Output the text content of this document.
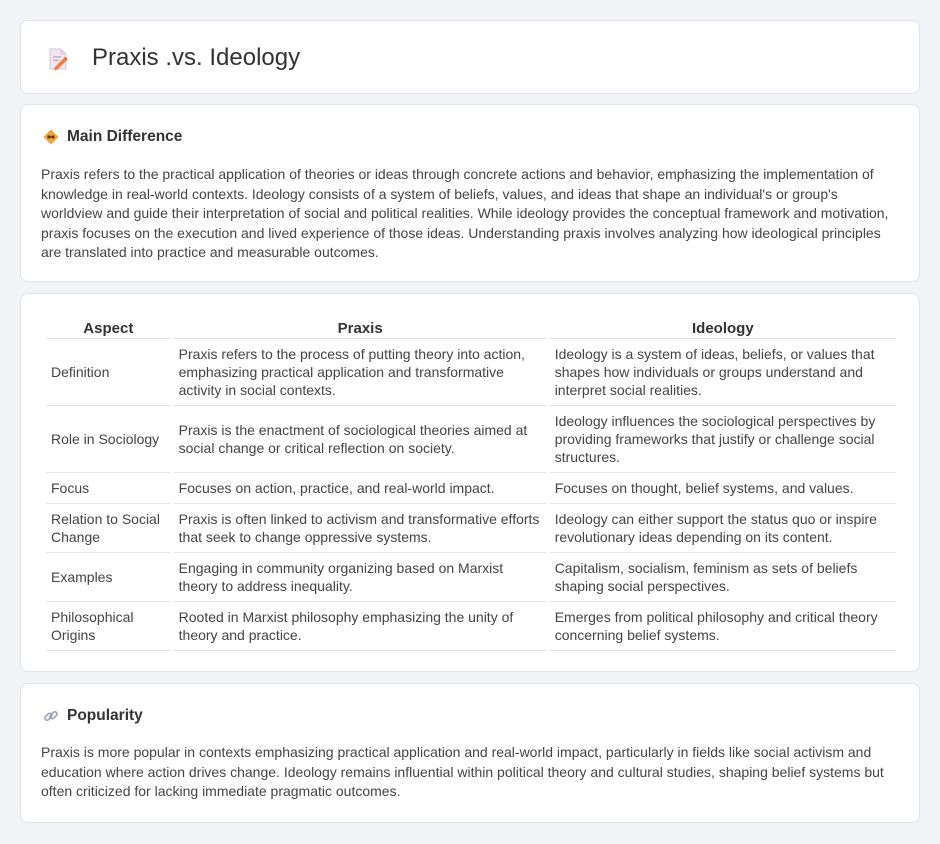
Praxis .vs. Ideology
Main Difference
Praxis refers to the practical application of theories or ideas through concrete actions and behavior, emphasizing the implementation of knowledge in real-world contexts. Ideology consists of a system of beliefs, values, and ideas that shape an individual's or group's worldview and guide their interpretation of social and political realities. While ideology provides the conceptual framework and motivation, praxis focuses on the execution and lived experience of those ideas. Understanding praxis involves analyzing how ideological principles are translated into practice and measurable outcomes.
Aspect	Praxis	Ideology
Definition	Praxis refers to the process of putting theory into action, emphasizing practical application and transformative activity in social contexts.	Ideology is a system of ideas, beliefs, or values that shapes how individuals or groups understand and interpret social realities.
Role in Sociology	Praxis is the enactment of sociological theories aimed at social change or critical reflection on society.	Ideology influences the sociological perspectives by providing frameworks that justify or challenge social structures.
Focus	Focuses on action, practice, and real-world impact.	Focuses on thought, belief systems, and values.
Relation to Social Change	Praxis is often linked to activism and transformative efforts that seek to change oppressive systems.	Ideology can either support the status quo or inspire revolutionary ideas depending on its content.
Examples	Engaging in community organizing based on Marxist theory to address inequality.	Capitalism, socialism, feminism as sets of beliefs shaping social perspectives.
Philosophical Origins	Rooted in Marxist philosophy emphasizing the unity of theory and practice.	Emerges from political philosophy and critical theory concerning belief systems.
Popularity
Praxis is more popular in contexts emphasizing practical application and real-world impact, particularly in fields like social activism and education where action drives change. Ideology remains influential within political theory and cultural studies, shaping belief systems but often criticized for lacking immediate pragmatic outcomes.
